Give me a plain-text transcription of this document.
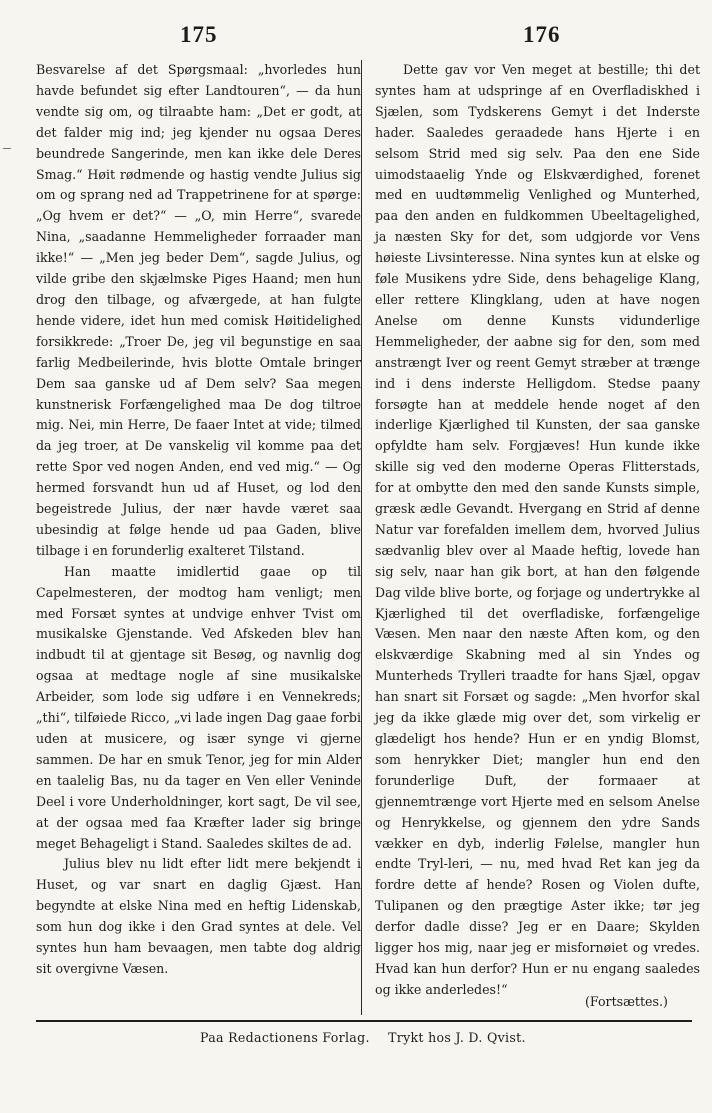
175	176

Besvarelse af det Spørgsmaal: „hvorledes hun havde befundet sig efter Landtouren“, — da hun vendte sig om, og tilraabte ham: „Det er godt, at det falder mig ind; jeg kjender nu ogsaa Deres beundrede Sangerinde, men kan ikke dele Deres Smag.“ Høit rødmende og hastig vendte Julius sig om og sprang ned ad Trappetrinene for at spørge: „Og hvem er det?“ — „O, min Herre“, svarede Nina, „saadanne Hemmeligheder forraader man ikke!“ — „Men jeg beder Dem“, sagde Julius, og vilde gribe den skjælmske Piges Haand; men hun drog den tilbage, og afværgede, at han fulgte hende videre, idet hun med comisk Høitidelighed forsikkrede: „Troer De, jeg vil begunstige en saa farlig Medbeilerinde, hvis blotte Omtale bringer Dem saa ganske ud af Dem selv? Saa megen kunstnerisk Forfængelighed maa De dog tiltroe mig. Nei, min Herre, De faaer Intet at vide; tilmed da jeg troer, at De vanskelig vil komme paa det rette Spor ved nogen Anden, end ved mig.“ — Og hermed forsvandt hun ud af Huset, og lod den begeistrede Julius, der nær havde været saa ubesindig at følge hende ud paa Gaden, blive tilbage i en forunderlig exalteret Tilstand.

Han maatte imidlertid gaae op til Capelmesteren, der modtog ham venligt; men med Forsæt syntes at undvige enhver Tvist om musikalske Gjenstande. Ved Afskeden blev han indbudt til at gjentage sit Besøg, og navnlig dog ogsaa at medtage nogle af sine musikalske Arbeider, som lode sig udføre i en Vennekreds; „thi“, tilføiede Ricco, „vi lade ingen Dag gaae forbi uden at musicere, og især synge vi gjerne sammen. De har en smuk Tenor, jeg for min Alder en taalelig Bas, nu da tager en Ven eller Veninde Deel i vore Underholdninger, kort sagt, De vil see, at der ogsaa med faa Kræfter lader sig bringe meget Behageligt i Stand. Saaledes skiltes de ad.

Julius blev nu lidt efter lidt mere bekjendt i Huset, og var snart en daglig Gjæst. Han begyndte at elske Nina med en heftig Lidenskab, som hun dog ikke i den Grad syntes at dele. Vel syntes hun ham bevaagen, men tabte dog aldrig sit overgivne Væsen.

Dette gav vor Ven meget at bestille; thi det syntes ham at udspringe af en Overfladiskhed i Sjælen, som Tydskerens Gemyt i det Inderste hader. Saaledes geraadede hans Hjerte i en selsom Strid med sig selv. Paa den ene Side uimodstaaelig Ynde og Elskværdighed, forenet med en uudtømmelig Venlighed og Munterhed, paa den anden en fuldkommen Ubeeltagelighed, ja næsten Sky for det, som udgjorde vor Vens høieste Livsinteresse. Nina syntes kun at elske og føle Musikens ydre Side, dens behagelige Klang, eller rettere Klingklang, uden at have nogen Anelse om denne Kunsts vidunderlige Hemmeligheder, der aabne sig for den, som med anstrængt Iver og reent Gemyt stræber at trænge ind i dens inderste Helligdom. Stedse paany forsøgte han at meddele hende noget af den inderlige Kjærlighed til Kunsten, der saa ganske opfyldte ham selv. Forgjæves! Hun kunde ikke skille sig ved den moderne Operas Flitterstads, for at ombytte den med den sande Kunsts simple, græsk ædle Gevandt. Hvergang en Strid af denne Natur var forefalden imellem dem, hvorved Julius sædvanlig blev over al Maade heftig, lovede han sig selv, naar han gik bort, at han den følgende Dag vilde blive borte, og forjage og undertrykke al Kjærlighed til det overfladiske, forfængelige Væsen. Men naar den næste Aften kom, og den elskværdige Skabning med al sin Yndes og Munterheds Trylleri traadte for hans Sjæl, opgav han snart sit Forsæt og sagde: „Men hvorfor skal jeg da ikke glæde mig over det, som virkelig er glædeligt hos hende? Hun er en yndig Blomst, som henrykker Diet; mangler hun end den forunderlige Duft, der formaaer at gjennemtrænge vort Hjerte med en selsom Anelse og Henrykkelse, og gjennem den ydre Sands vækker en dyb, inderlig Følelse, mangler hun endte Tryl-leri, — nu, med hvad Ret kan jeg da fordre dette af hende? Rosen og Violen dufte, Tulipanen og den prægtige Aster ikke; tør jeg derfor dadle disse? Jeg er en Daare; Skylden ligger hos mig, naar jeg er misfornøiet og vredes. Hvad kan hun derfor? Hun er nu engang saaledes og ikke anderledes!“

(Fortsættes.)
Paa Redactionens Forlag. Trykt hos J. D. Qvist.
